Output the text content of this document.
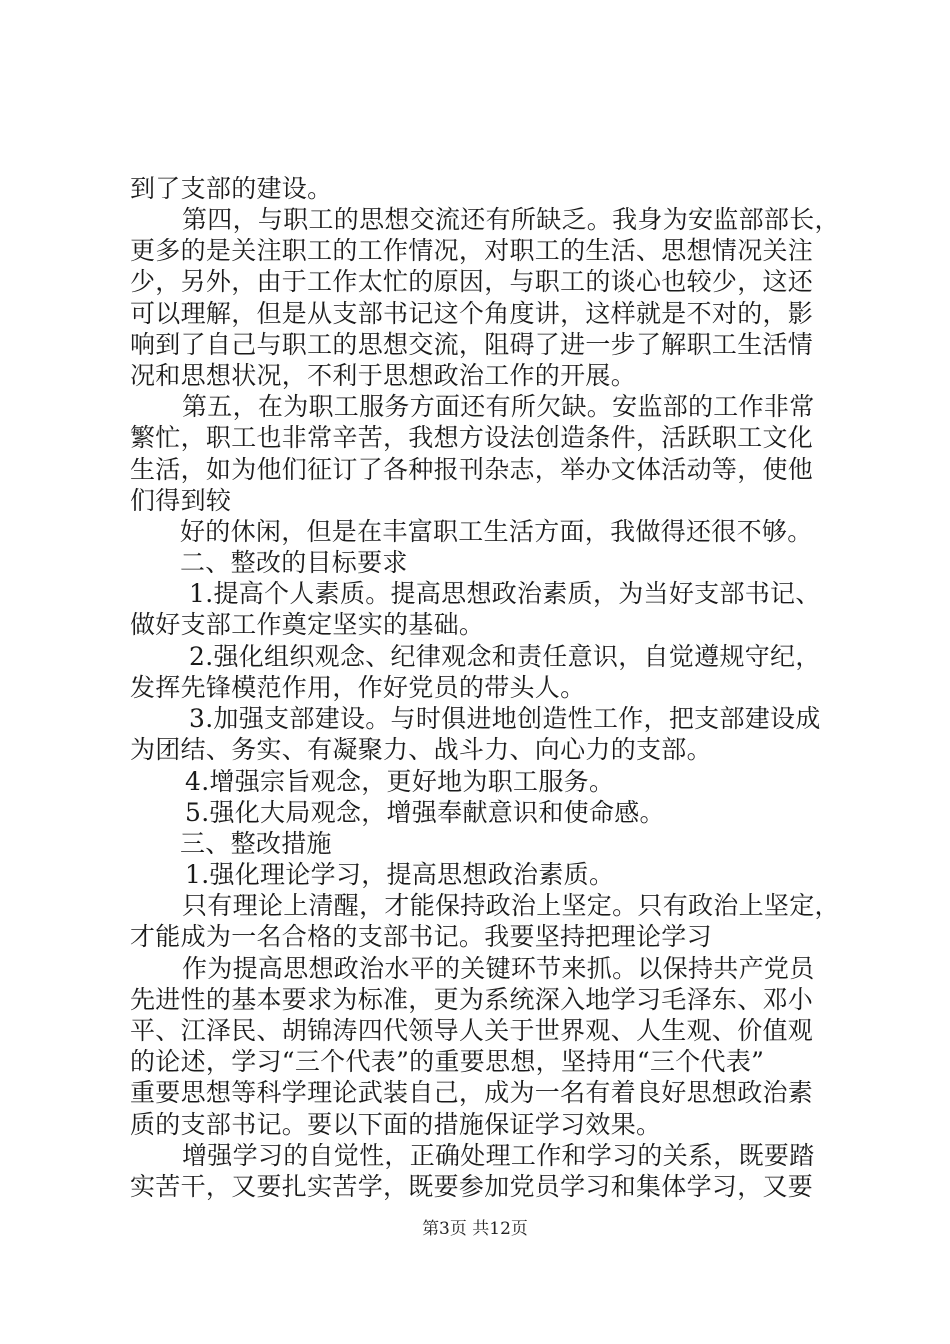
到了支部的建设。
第四，与职工的思想交流还有所缺乏。我身为安监部部长，
更多的是关注职工的工作情况，对职工的生活、思想情况关注
少，另外，由于工作太忙的原因，与职工的谈心也较少，这还
可以理解，但是从支部书记这个角度讲，这样就是不对的，影
响到了自己与职工的思想交流，阻碍了进一步了解职工生活情
况和思想状况，不利于思想政治工作的开展。
第五，在为职工服务方面还有所欠缺。安监部的工作非常
繁忙，职工也非常辛苦，我想方设法创造条件，活跃职工文化
生活，如为他们征订了各种报刊杂志，举办文体活动等，使他
们得到较
好的休闲，但是在丰富职工生活方面，我做得还很不够。
二、整改的目标要求
1.提高个人素质。提高思想政治素质，为当好支部书记、
做好支部工作奠定坚实的基础。
2.强化组织观念、纪律观念和责任意识，自觉遵规守纪，
发挥先锋模范作用，作好党员的带头人。
3.加强支部建设。与时俱进地创造性工作，把支部建设成
为团结、务实、有凝聚力、战斗力、向心力的支部。
4.增强宗旨观念，更好地为职工服务。
5.强化大局观念，增强奉献意识和使命感。
三、整改措施
1.强化理论学习，提高思想政治素质。
只有理论上清醒，才能保持政治上坚定。只有政治上坚定，
才能成为一名合格的支部书记。我要坚持把理论学习
作为提高思想政治水平的关键环节来抓。以保持共产党员
先进性的基本要求为标准，更为系统深入地学习毛泽东、邓小
平、江泽民、胡锦涛四代领导人关于世界观、人生观、价值观
的论述，学习“三个代表”的重要思想，坚持用“三个代表”
重要思想等科学理论武装自己，成为一名有着良好思想政治素
质的支部书记。要以下面的措施保证学习效果。
增强学习的自觉性，正确处理工作和学习的关系，既要踏
实苦干，又要扎实苦学，既要参加党员学习和集体学习，又要
第3页 共12页
